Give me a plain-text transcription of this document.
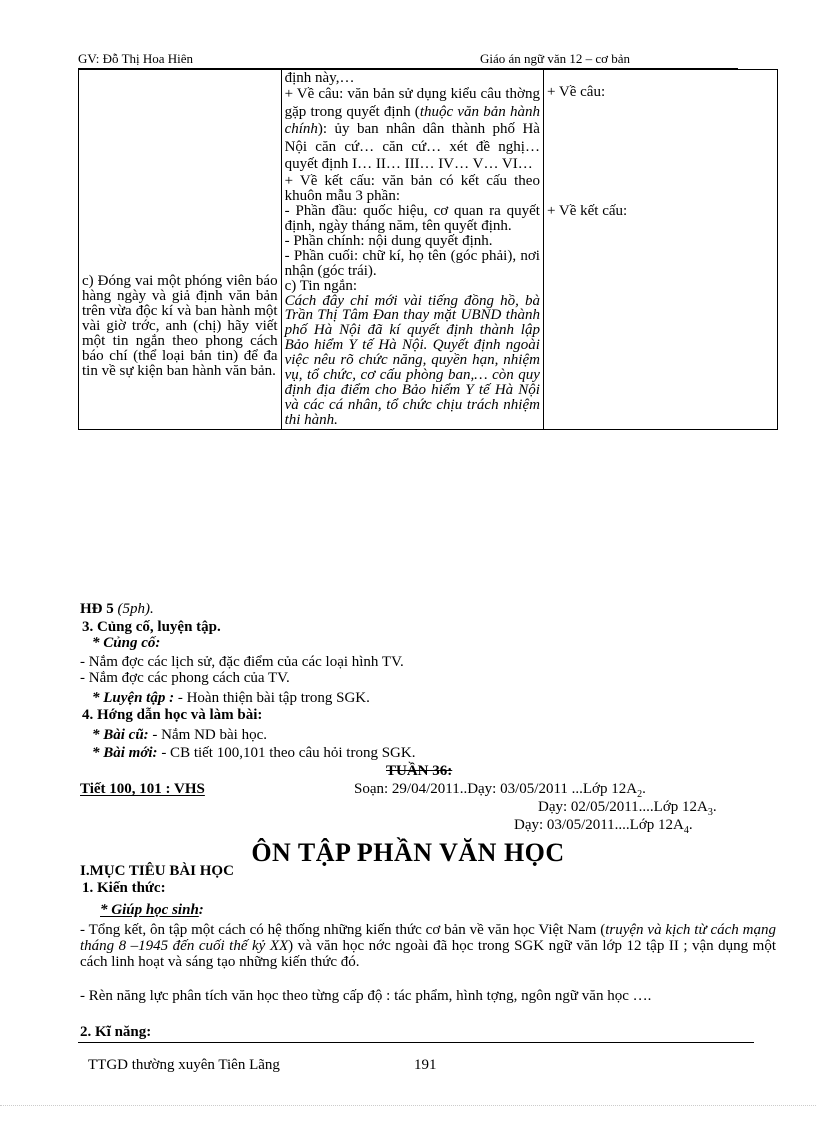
GV: Đỗ Thị Hoa Hiên	Giáo án ngữ văn 12 – cơ bản
c) Đóng vai một phóng viên báo hàng ngày và giả định văn bản trên vừa độc kí và ban hành một vài giờ trớc, anh (chị) hãy viết một tin ngắn theo phong cách báo chí (thể loại bản tin) để đa tin về sự kiện ban hành văn bản.

định này,…
+ Về câu: văn bản sử dụng kiểu câu thờng gặp trong quyết định (thuộc văn bản hành chính): ủy ban nhân dân thành phố Hà Nội căn cứ… căn cứ… xét đề nghị… quyết định I… II… III… IV… V… VI…
+ Về kết cấu: văn bản có kết cấu theo khuôn mẫu 3 phần:
- Phần đầu: quốc hiệu, cơ quan ra quyết định, ngày tháng năm, tên quyết định.
- Phần chính: nội dung quyết định.
- Phần cuối: chữ kí, họ tên (góc phải), nơi nhận (góc trái).
c) Tin ngắn:
Cách đây chỉ mới vài tiếng đồng hồ, bà Trần Thị Tâm Đan thay mặt UBND thành phố Hà Nội đã kí quyết định thành lập Bảo hiểm Y tế Hà Nội. Quyết định ngoài việc nêu rõ chức năng, quyền hạn, nhiệm vụ, tổ chức, cơ cấu phòng ban,… còn quy định địa điểm cho Bảo hiểm Y tế Hà Nội và các cá nhân, tổ chức chịu trách nhiệm thi hành.

+ Về câu:
+ Về kết cấu:
HĐ 5 (5ph).
3. Củng cố, luyện tập.
* Củng cố:
- Nắm đợc các lịch sử, đặc điểm của các loại hình TV.
- Nắm đợc các phong cách của TV.
* Luyện tập : - Hoàn thiện bài tập trong SGK.
4. Hớng dẫn học và làm bài:
* Bài cũ: - Nắm ND bài học.
* Bài mới: - CB tiết 100,101 theo câu hỏi trong SGK.
TUẦN 36:
Tiết 100, 101 : VHS	Soạn: 29/04/2011..Dạy: 03/05/2011 ...Lớp $12A_2$.
Dạy: 02/05/2011....Lớp $12A_3$.
Dạy: 03/05/2011....Lớp $12A_4$.
ÔN TẬP PHẦN VĂN HỌC
I.MỤC TIÊU BÀI HỌC
1. Kiến thức:
* Giúp học sinh:
- Tổng kết, ôn tập một cách có hệ thống những kiến thức cơ bản về văn học Việt Nam (truyện và kịch từ cách mạng tháng 8 –1945 đến cuối thế kỷ XX) và văn học nớc ngoài đã học trong SGK ngữ văn lớp 12 tập II ; vận dụng một cách linh hoạt và sáng tạo những kiến thức đó.
- Rèn năng lực phân tích văn học theo từng cấp độ : tác phẩm, hình tợng, ngôn ngữ văn học ….
2. Kĩ năng:
TTGD thường xuyên Tiên Lãng	191
